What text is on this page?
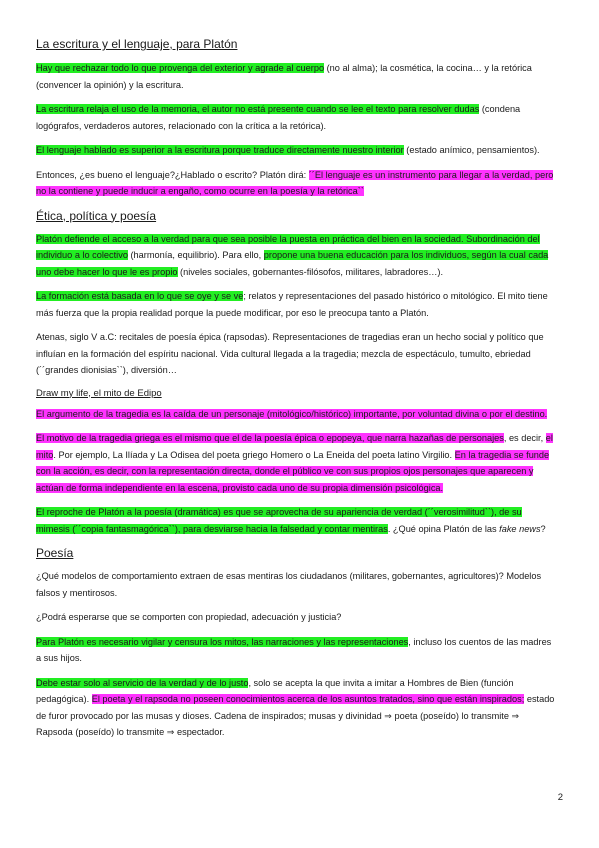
La escritura y el lenguaje, para Platón

Hay que rechazar todo lo que provenga del exterior y agrade al cuerpo (no al alma); la cosmética, la cocina… y la retórica (convencer la opinión) y la escritura.

La escritura relaja el uso de la memoria, el autor no está presente cuando se lee el texto para resolver dudas (condena logógrafos, verdaderos autores, relacionado con la crítica a la retórica).

El lenguaje hablado es superior a la escritura porque traduce directamente nuestro interior (estado anímico, pensamientos).

Entonces, ¿es bueno el lenguaje?¿Hablado o escrito? Platón dirá: ´´El lenguaje es un instrumento para llegar a la verdad, pero no la contiene y puede inducir a engaño, como ocurre en la poesía y la retórica``

Ética, política y poesía

Platón defiende el acceso a la verdad para que sea posible la puesta en práctica del bien en la sociedad. Subordinación del individuo a lo colectivo (harmonía, equilibrio). Para ello, propone una buena educación para los individuos, según la cual cada uno debe hacer lo que le es propio (niveles sociales, gobernantes-filósofos, militares, labradores…).

La formación está basada en lo que se oye y se ve; relatos y representaciones del pasado histórico o mitológico. El mito tiene más fuerza que la propia realidad porque la puede modificar, por eso le preocupa tanto a Platón.

Atenas, siglo V a.C: recitales de poesía épica (rapsodas). Representaciones de tragedias eran un hecho social y político que influían en la formación del espíritu nacional. Vida cultural llegada a la tragedia; mezcla de espectáculo, tumulto, ebriedad (´´grandes dionisias``), diversión…

Draw my life, el mito de Edipo

El argumento de la tragedia es la caída de un personaje (mitológico/histórico) importante, por voluntad divina o por el destino.

El motivo de la tragedia griega es el mismo que el de la poesía épica o epopeya, que narra hazañas de personajes, es decir, el mito. Por ejemplo, La Ilíada y La Odisea del poeta griego Homero o La Eneida del poeta latino Virgilio. En la tragedia se funde con la acción, es decir, con la representación directa, donde el público ve con sus propios ojos personajes que aparecen y actúan de forma independiente en la escena, provisto cada uno de su propia dimensión psicológica.

El reproche de Platón a la poesía (dramática) es que se aprovecha de su apariencia de verdad (´´verosimilitud``), de su mimesis (´´copia fantasmagórica``), para desviarse hacia la falsedad y contar mentiras. ¿Qué opina Platón de las fake news?

Poesía

¿Qué modelos de comportamiento extraen de esas mentiras los ciudadanos (militares, gobernantes, agricultores)? Modelos falsos y mentirosos.

¿Podrá esperarse que se comporten con propiedad, adecuación y justicia?

Para Platón es necesario vigilar y censura los mitos, las narraciones y las representaciones, incluso los cuentos de las madres a sus hijos.

Debe estar solo al servicio de la verdad y de lo justo, solo se acepta la que invita a imitar a Hombres de Bien (función pedagógica). El poeta y el rapsoda no poseen conocimientos acerca de los asuntos tratados, sino que están inspirados; estado de furor provocado por las musas y dioses. Cadena de inspirados; musas y divinidad ⇒ poeta (poseído) lo transmite ⇒ Rapsoda (poseído) lo transmite ⇒ espectador.

2
